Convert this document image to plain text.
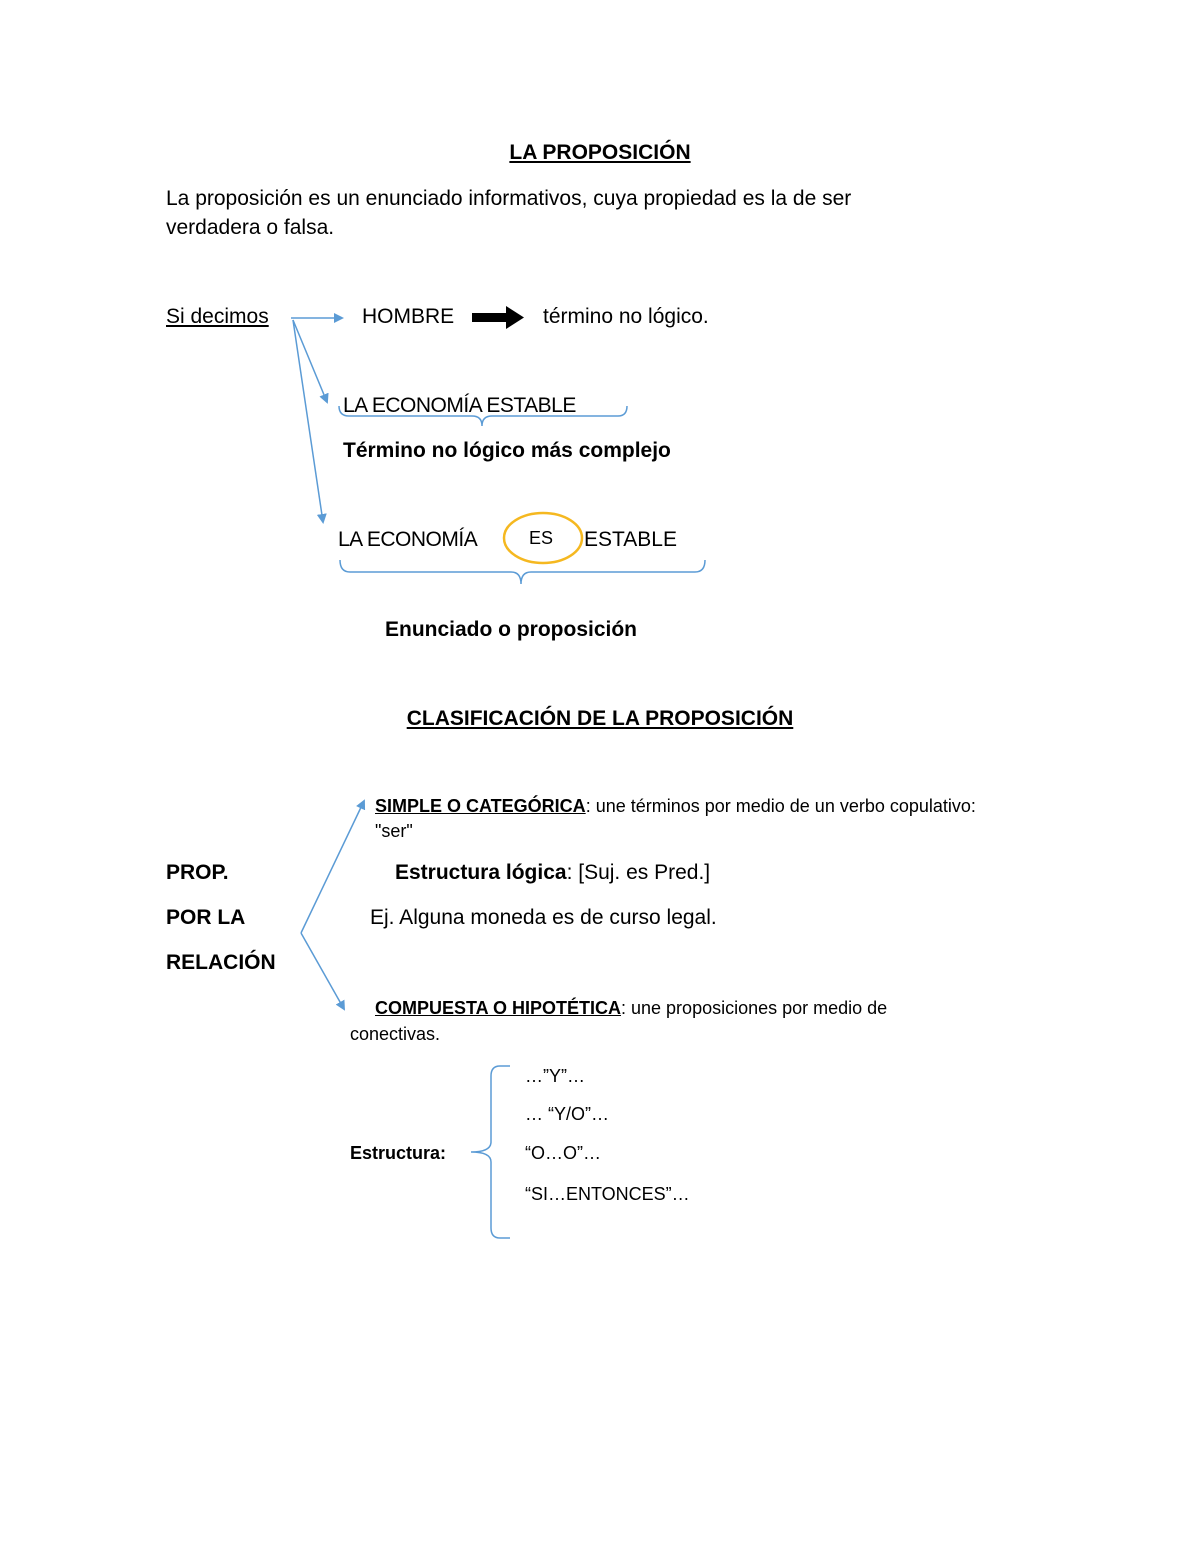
LA PROPOSICIÓN
La proposición es un enunciado informativos, cuya propiedad es la de ser
verdadera o falsa.
Si decimos	HOMBRE	término no lógico.
LA ECONOMÍA ESTABLE
Término no lógico más complejo
LA ECONOMÍA	ES ESTABLE
Enunciado o proposición
CLASIFICACIÓN DE LA PROPOSICIÓN
PROP.
POR LA
RELACIÓN
SIMPLE O CATEGÓRICA: une términos por medio de un verbo copulativo:
"ser"
Estructura lógica: [Suj. es Pred.]
Ej. Alguna moneda es de curso legal.
COMPUESTA O HIPOTÉTICA: une proposiciones por medio de
conectivas.
Estructura:
…”Y”…
… “Y/O”…
“O…O”…
“SI…ENTONCES”…
